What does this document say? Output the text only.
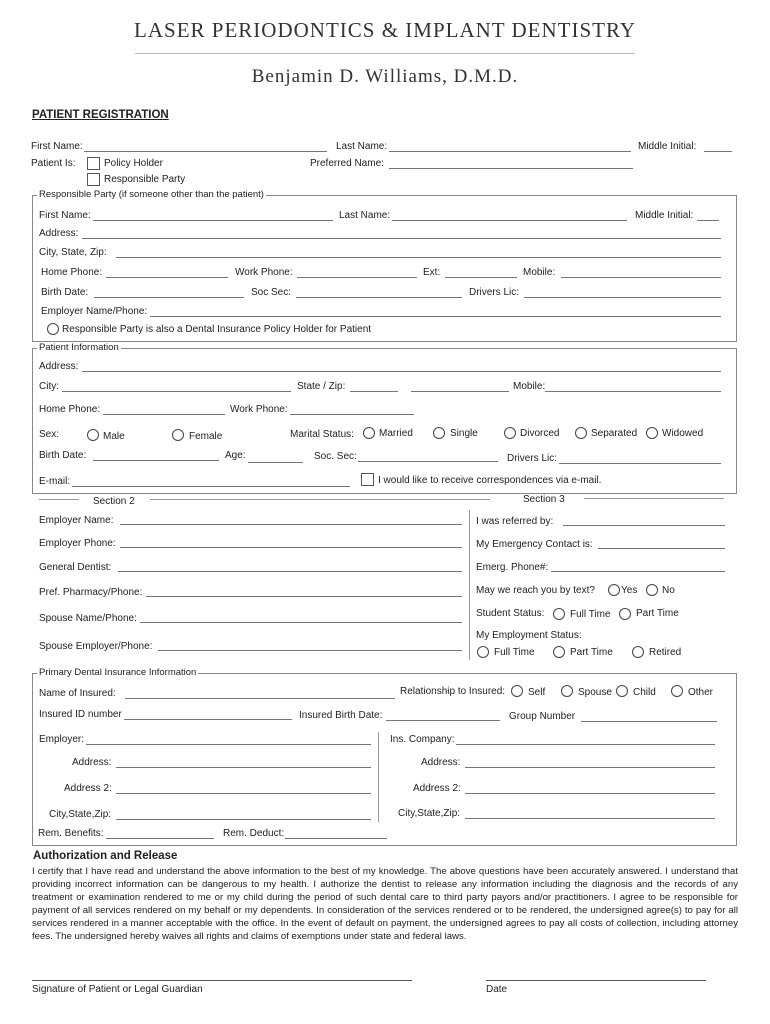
LASER PERIODONTICS & IMPLANT DENTISTRY
Benjamin D. Williams, D.M.D.
PATIENT REGISTRATION
First Name:	Last Name:	Middle Initial:
Patient Is:	Policy Holder
Responsible Party
Preferred Name:
Responsible Party (if someone other than the patient)
First Name:	Last Name:	Middle Initial:
Address:
City, State, Zip:
Home Phone:	Work Phone:	Ext:	Mobile:
Birth Date:	Soc Sec:	Drivers Lic:
Employer Name/Phone:
Responsible Party is also a Dental Insurance Policy Holder for Patient
Patient Information
Address:
City:	State / Zip:	Mobile:
Home Phone:	Work Phone:
Sex:	Male	Female	Marital Status:	Married	Single	Divorced	Separated Widowed
Birth Date:	Age:	Soc. Sec:	Drivers Lic:
E-mail:	I would like to receive correspondences via e-mail.
Section 2	Section 3
Employer Name:
Employer Phone:
General Dentist:
Pref. Pharmacy/Phone:
Spouse Name/Phone:
Spouse Employer/Phone:
I was referred by:
My Emergency Contact is:
Emerg. Phone#:
May we reach you by text?	Yes No
Student Status:	Full Time	Part Time
My Employment Status:
Full Time	Part Time	Retired
Primary Dental Insurance Information
Name of Insured:	Relationship to Insured: Self	Spouse Child	Other
Insured ID number	Insured Birth Date:	Group Number
Employer:	Ins. Company:
Address:	Address:
Address 2:	Address 2:
City,State,Zip:	City,State,Zip:
Rem. Benefits:	Rem. Deduct:
Authorization and Release
I certify that I have read and understand the above information to the best of my knowledge. The above questions have been accurately answered. I understand that providing incorrect information can be dangerous to my health. I authorize the dentist to release any information including the diagnosis and the records of any treatment or examination rendered to me or my child during the period of such dental care to third party payors and/or practitioners. I agree to be responsible for payment of all services rendered on my behalf or my dependents. In consideration of the services rendered or to be rendered, the undersigned agree(s) to pay for all services rendered in a manner acceptable with the office. In the event of default on payment, the undersigned agrees to pay all costs of collection, including attorney fees. The undersigned hereby waives all rights and claims of exemptions under state and federal laws.
Signature of Patient or Legal Guardian	Date
